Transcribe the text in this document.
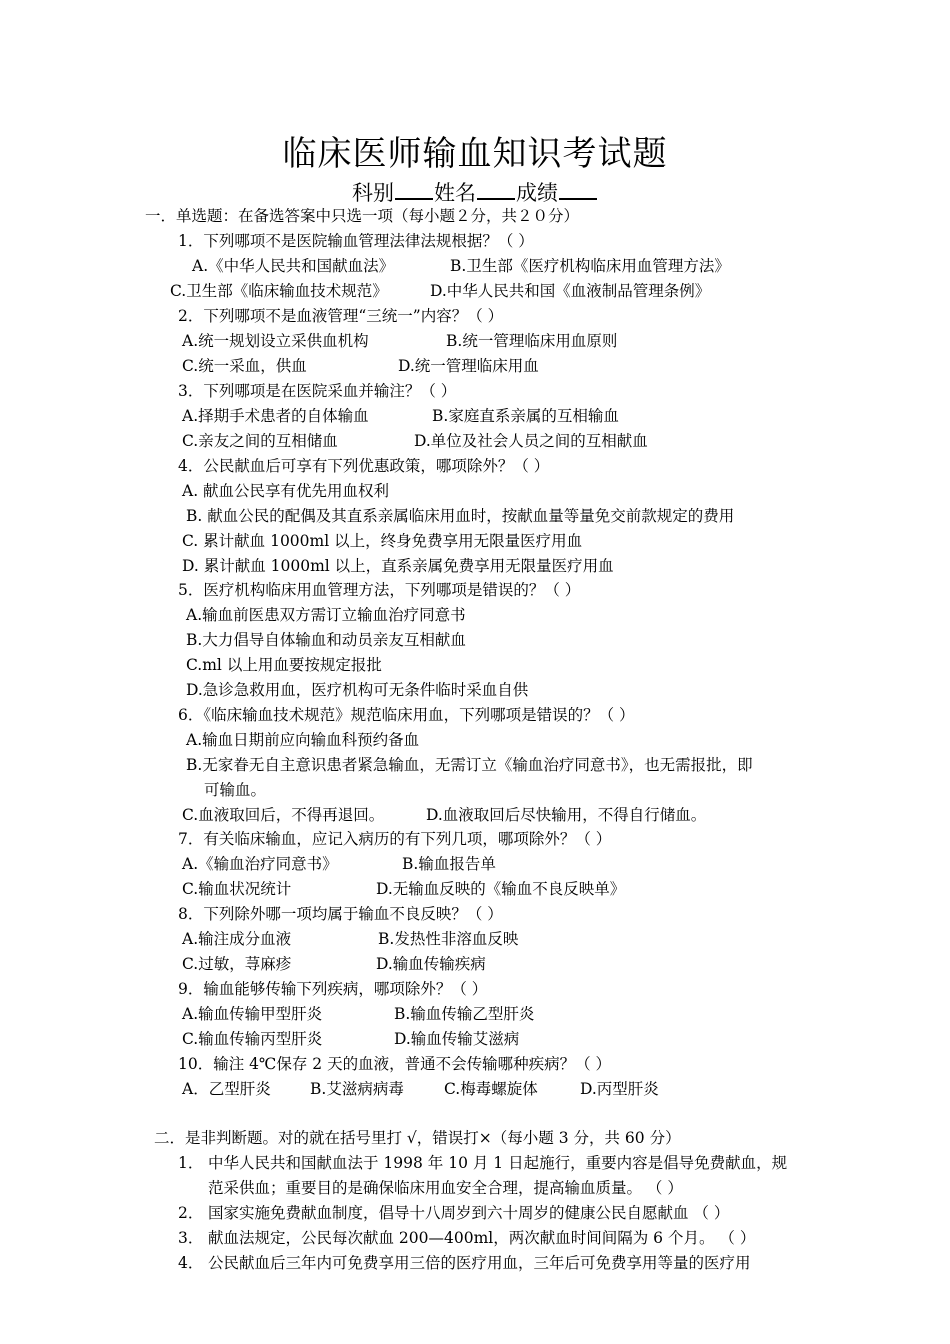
临床医师输血知识考试题
科别 姓名 成绩
一．单选题：在备选答案中只选一项（每小题２分，共２０分）
1．下列哪项不是医院输血管理法律法规根据？（ ）
A.《中华人民共和国献血法》	B.卫生部《医疗机构临床用血管理方法》
C.卫生部《临床输血技术规范》	D.中华人民共和国《血液制品管理条例》
2．下列哪项不是血液管理“三统一”内容？（ ）
A.统一规划设立采供血机构	B.统一管理临床用血原则
C.统一采血，供血	D.统一管理临床用血
3．下列哪项是在医院采血并输注？（ ）
A.择期手术患者的自体输血	B.家庭直系亲属的互相输血
C.亲友之间的互相储血	D.单位及社会人员之间的互相献血
4．公民献血后可享有下列优惠政策，哪项除外？（ ）
A. 献血公民享有优先用血权利
B. 献血公民的配偶及其直系亲属临床用血时，按献血量等量免交前款规定的费用
C. 累计献血 1000ml 以上，终身免费享用无限量医疗用血
D. 累计献血 1000ml 以上，直系亲属免费享用无限量医疗用血
5．医疗机构临床用血管理方法，下列哪项是错误的？（ ）
A.输血前医患双方需订立输血治疗同意书
B.大力倡导自体输血和动员亲友互相献血
C.ml 以上用血要按规定报批
D.急诊急救用血，医疗机构可无条件临时采血自供
6．《临床输血技术规范》规范临床用血，下列哪项是错误的？（ ）
A.输血日期前应向输血科预约备血
B.无家眷无自主意识患者紧急输血，无需订立《输血治疗同意书》，也无需报批，即
可输血。
C.血液取回后，不得再退回。	D.血液取回后尽快输用，不得自行储血。
7．有关临床输血，应记入病历的有下列几项，哪项除外？（ ）
A.《输血治疗同意书》	B.输血报告单
C.输血状况统计	D.无输血反映的《输血不良反映单》
8．下列除外哪一项均属于输血不良反映？（ ）
A.输注成分血液	B.发热性非溶血反映
C.过敏，荨麻疹	D.输血传输疾病
9．输血能够传输下列疾病，哪项除外？（ ）
A.输血传输甲型肝炎	B.输血传输乙型肝炎
C.输血传输丙型肝炎	D.输血传输艾滋病
10．输注 4℃保存 2 天的血液，普通不会传输哪种疾病？（ ）
A．乙型肝炎	B.艾滋病病毒	C.梅毒螺旋体	D.丙型肝炎
二．是非判断题。对的就在括号里打 √，错误打×（每小题 3 分，共 60 分）
1． 中华人民共和国献血法于 1998 年 10 月 1 日起施行，重要内容是倡导免费献血，规
范采供血；重要目的是确保临床用血安全合理，提高输血质量。 （ ）
2． 国家实施免费献血制度，倡导十八周岁到六十周岁的健康公民自愿献血 （ ）
3． 献血法规定，公民每次献血 200—400ml，两次献血时间间隔为 6 个月。 （ ）
4． 公民献血后三年内可免费享用三倍的医疗用血，三年后可免费享用等量的医疗用
